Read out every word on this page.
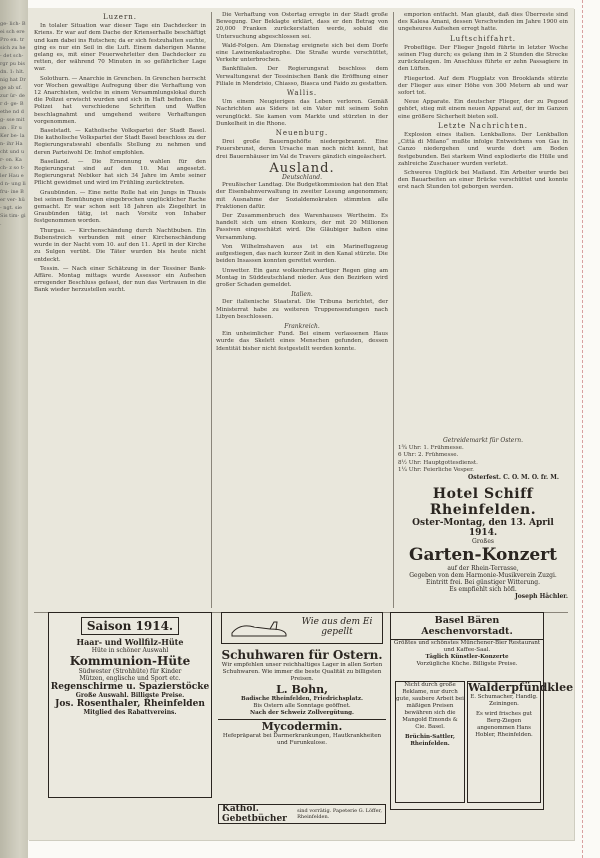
ge- lich- Bei sch ere Pro en. tr sich zu he- det sch- rgr pu bis dn. 1: hlt. nig hat Dr ge ab uf. zur ür- der d- ge- Bethe nd dg- sse mit an . Er u Ker be- lan- ihr Ha cht und ur- on. Ka ch- z so t- ler Hau ed n- ung li fru- ine Ber ver- hü- ngt. sie Sis tim- gi .
Luzern.

In tolaler Situation war dieser Tage ein Dachdecker in Kriens. Er war auf dem Dache der Krienserhalle beschäftigt und kam dabei ins Rutschen; da er sich festzuhalten suchte, ging es nur ein Seil in die Luft. Einem daherigen Manne gelang es, mit einer Feuerwehrleiter den Dachdecker zu retten, der während 70 Minuten in so gefährlicher Lage war.

Solothurn. — Anarchie in Grenchen. In Grenchen herrscht vor Wochen gewaltige Aufregung über die Verhaftung von 12 Anarchisten, welche in einem Versammlungslokal durch die Polizei erwischt wurden und sich in Haft befinden. Die Polizei hat verschiedene Schriften und Waffen beschlagnahmt und umgehend weitere Verhaftungen vorgenommen.

Baselstadt. — Katholische Volkspartei der Stadt Basel. Die katholische Volkspartei der Stadt Basel beschloss zu der Regierungsratswahl ebenfalls Stellung zu nehmen und deren Parteiwohl Dr. Imhof empfohlen.

Baselland. — Die Ernennung wahlen für den Regierungsrat sind auf den 10. Mai angesetzt. Regierungsrat Nebiker hat sich 34 Jahre im Amte seiner Pflicht gewidmet und wird im Frühling zurücktreten.

Graubünden. — Eine nette Rolle hat ein Jungs in Thusis bei seinen Bemühungen eingebrochen unglücklicher Rache gemacht. Er war schon seit 18 Jahren als Ziegelhirt in Graubünden tätig, ist nach Vorsitz von Inhaber festgenommen worden.

Thurgau. — Kirchenschändung durch Nachtbuben. Ein Bubenstreich verbunden mit einer Kirchenschändung wurde in der Nacht vom 10. auf den 11. April in der Kirche zu Sulgen verübt. Die Täter wurden bis heute nicht entdeckt.

Tessin. — Nach einer Schätzung in der Tessiner Bank-Affäre. Montag mittags wurde Assessor ein Aufsehen erregender Beschluss gefasst, der nun das Vertrauen in die Bank wieder herzustellen sucht.

Die Verhaftung von Ostertag erregte in der Stadt große Bewegung. Der Beklagte erklärt, dass er den Betrag von 20,000 Franken zurückerstatten werde, sobald die Untersuchung abgeschlossen sei.

Wald-Folgen. Am Dienstag ereignete sich bei dem Dorfe eine Lawinenkatastrophe. Die Straße wurde verschüttet, Verkehr unterbrochen.

Bankfilialen. Der Regierungsrat beschloss dem Verwaltungsrat der Tessinischen Bank die Eröffnung einer Filiale in Mendrisio, Chiasso, Biasca und Faido zu gestatten.

Wallis.

Um einem Neugierigen das Leben verloren. Gemäß Nachrichten aus Siders ist ein Vater mit seinem Sohn verunglückt. Sie kamen vom Markte und stürzten in der Dunkelheit in die Rhone.

Neuenburg.

Drei große Bauerngehöfte niedergebrannt. Eine Feuersbrunst, deren Ursache man noch nicht kennt, hat drei Bauernhäuser im Val de Travers gänzlich eingeäschert.

Ausland.
Deutschland.

Preußischer Landtag. Die Budgetkommission hat den Etat der Eisenbahnverwaltung in zweiter Lesung angenommen; mit Ausnahme der Sozialdemokraten stimmten alle Fraktionen dafür.

Der Zusammenbruch des Warenhauses Wertheim. Es handelt sich um einen Konkurs, der mit 20 Millionen Passiven eingeschätzt wird. Die Gläubiger halten eine Versammlung.

Von Wilhelmshaven aus ist ein Marineflugzeug aufgestiegen, das nach kurzer Zeit in den Kanal stürzte. Die beiden Insassen konnten gerettet werden.

Unwetter. Ein ganz wolkenbruchartiger Regen ging am Montag in Süddeutschland nieder. Aus den Bezirken wird großer Schaden gemeldet.

Italien.

Der italienische Staatsrat. Die Tribuna berichtet, der Ministerrat habe zu weiteren Truppensendungen nach Libyen beschlossen.

Frankreich.

Ein unheimlicher Fund. Bei einem verlassenen Haus wurde das Skelett eines Menschen gefunden, dessen Identität bisher nicht festgestellt werden konnte.

emporion entfacht. Man glaubt, daß dies Überreste sind des Kalesa Amani, dessen Verschwinden im Jahre 1900 ein ungeheures Aufsehen erregt hatte.

Luftschiffahrt.

Probeflüge. Der Flieger Jngold führte in letzter Woche seinen Flug durch; es gelang ihm in 2 Stunden die Strecke zurückzulegen. Im Anschluss führte er zehn Passagiere in den Lüften.

Fliegertod. Auf dem Flugplatz von Brooklands stürzte der Flieger aus einer Höhe von 300 Metern ab und war sofort tot.

Neue Apparate. Ein deutscher Flieger, der zu Pegoud gehört, stieg mit einem neuen Apparat auf, der im Ganzen eine größere Sicherheit bieten soll.

Letzte Nachrichten.

Explosion eines italien. Lenkballons. Der Lenkballon „Città di Milano“ mußte infolge Entweichens von Gas in Canzo niedergehen und wurde dort am Boden festgebunden. Bei starkem Wind explodierte die Hülle und zahlreiche Zuschauer wurden verletzt.

Schweres Unglück bei Mailand. Ein Arbeiter wurde bei den Bauarbeiten an einer Brücke verschüttet und konnte erst nach Stunden tot geborgen werden.

Getreidemarkt für Ostern.
1¾ Uhr: 1. Frühmesse.
6 Uhr: 2. Frühmesse.
8½ Uhr: Hauptgottesdienst.
1¼ Uhr: Feierliche Vesper.
Osterfest. C. O. M. O. fr. M.
Hotel Schiff Rheinfelden.
Oster-Montag, den 13. April 1914.
Großes
Garten-Konzert
auf der Rhein-Terrasse,
Gegeben von dem Harmonie-Musikverein Zuzgi.
Eintritt frei. Bei günstiger Witterung.
Es empfiehlt sich höfl.
Joseph Hächler.
Saison 1914.
Haar- und Wollfilz-Hüte
Hüte in schöner Auswahl
Kommunion-Hüte
Südwester (Strohhüte) für Kinder
Mützen, englische und Sport etc.
Regenschirme u. Spazierstöcke
Große Auswahl. Billigste Preise.
Jos. Rosenthaler, Rheinfelden
Mitglied des Rabattvereins.
Wie aus dem Ei gepellt
Schuhwaren für Ostern.
Wir empfehlen unser reichhaltiges Lager in allen Sorten Schuhwaren. Wie immer die beste Qualität zu billigsten Preisen.
L. Bohn,
Badische Rheinfelden, Friedrichsplatz.
Bis Ostern alle Sonntage geöffnet.
Nach der Schweiz Zollvergütung.
Mycodermin.
Hefepräparat bei Darmerkrankungen, Hautkrankheiten und Furunkulose.
Kathol. Gebetbücher
sind vorrätig. Papeterie G. Löffer, Rheinfelden.
Basel Bären Aeschenvorstadt.
Größtes und schönstes Münchener-Bier Restaurant und Kaffee-Saal.
Täglich Künstler-Konzerte
Vorzügliche Küche. Billigste Preise.
Nicht durch große Reklame, nur durch gute, saubere Arbeit bei mäßigen Preisen bewähren sich die Mangold Emonds & Cie. Basel.
Brüchin-Sattler, Rheinfelden.
Walderpfündklee
E. Schumacher, Handlg. Zeiningen.
Es wird frisches gut Berg-Ziegen angenommen Hans Hobler, Rheinfelden.
